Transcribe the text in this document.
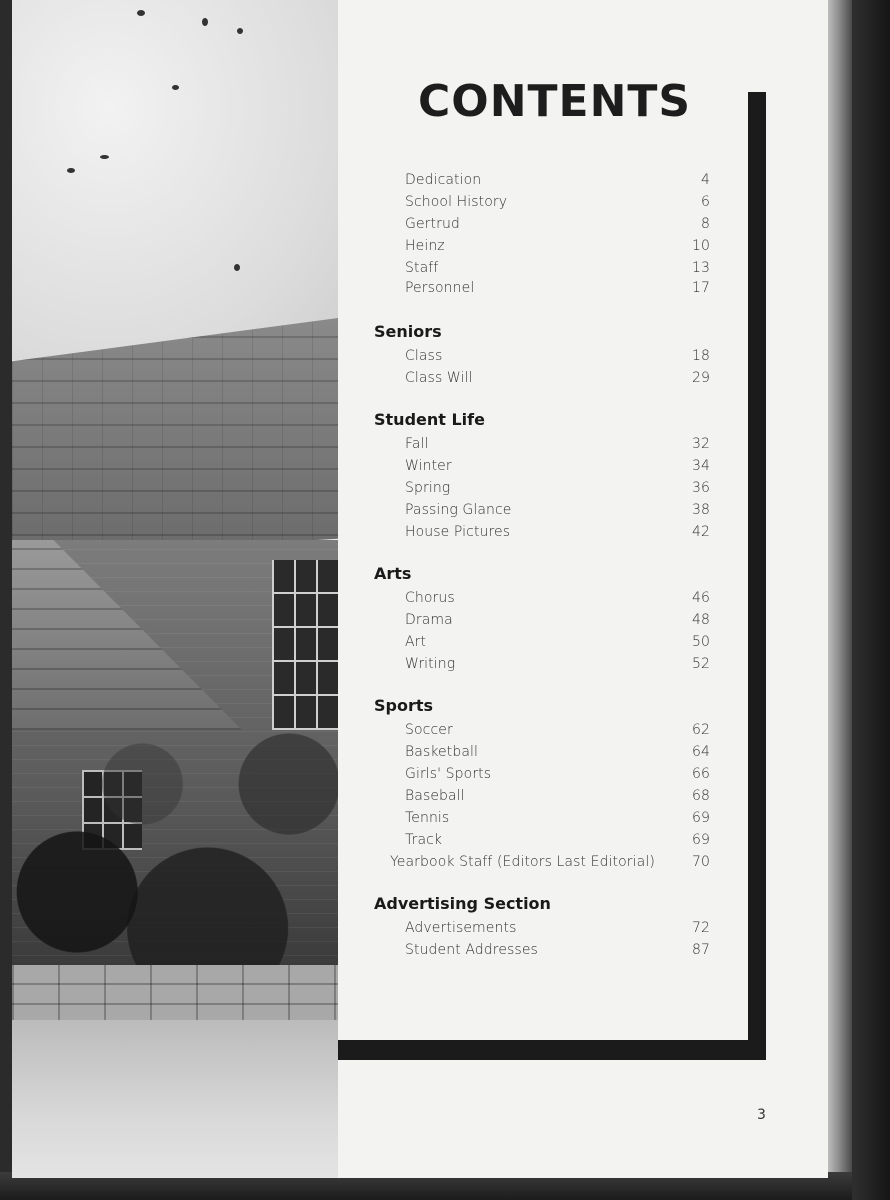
CONTENTS
Dedication	4
School History	6
Gertrud	8
Heinz	10
Staff	13
Personnel	17
Seniors
Class	18
Class Will	29
Student Life
Fall	32
Winter	34
Spring	36
Passing Glance	38
House Pictures	42
Arts
Chorus	46
Drama	48
Art	50
Writing	52
Sports
Soccer	62
Basketball	64
Girls' Sports	66
Baseball	68
Tennis	69
Track	69
Yearbook Staff (Editors Last Editorial)	70
Advertising Section
Advertisements	72
Student Addresses	87
3
